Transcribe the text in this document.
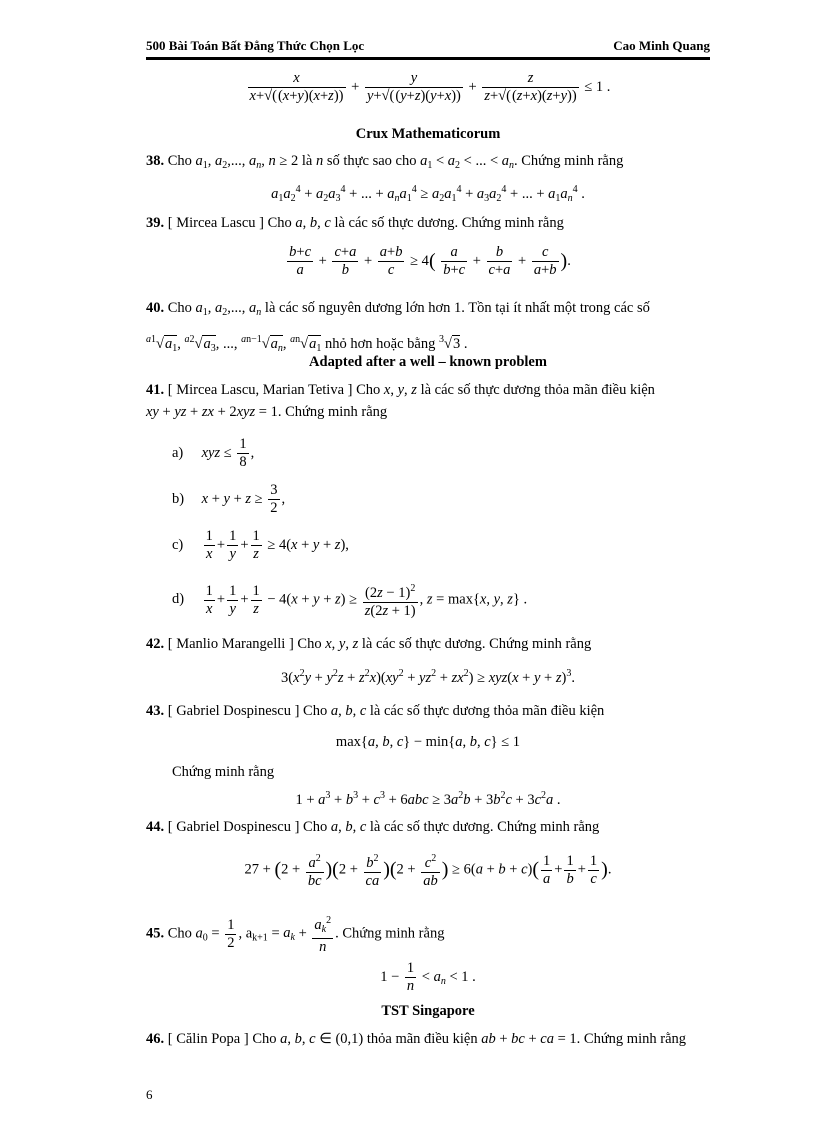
500 Bài Toán Bất Đẳng Thức Chọn Lọc	Cao Minh Quang
$\frac{x}{x+√((x+y)(x+z))} + \frac{y}{y+√((y+z)(y+x))} + \frac{z}{z+√((z+x)(z+y))} \le 1$ .
Crux Mathematicorum
38. Cho $a_1$, $a_2$,..., $a_n$, n ≥ 2 là n số thực sao cho $a_1 < a_2$ < ... < $a_n$. Chứng minh rằng
$a_1a_2^4 + a_2a_3^4$ + ... + $a_na_1^4 \ge a_2a_1^4 + a_3a_2^4$ + ... + $a_1a_n^4$ .
39. [ Mircea Lascu ] Cho a, b, c là các số thực dương. Chứng minh rằng
$\frac{b+c}{a} + \frac{c+a}{b} + \frac{a+b}{c} \ge 4( \frac{a}{b+c} + \frac{b}{c+a} + \frac{c}{a+b}$ ).
40. Cho $a_1$, $a_2$,..., $a_n$ là các số nguyên dương lớn hơn 1. Tồn tại ít nhất một trong các số
$^{a1}√a_1$, $^{a2}√a_3$, ..., $^{an-1}√a_n$, $^{an}√a_1$ nhỏ hơn hoặc bằng $^3$√3 .
Adapted after a well – known problem
41. [ Mircea Lascu, Marian Tetiva ] Cho x, y, z là các số thực dương thỏa mãn điều kiện
xy + yz + zx + 2xyz = 1. Chứng minh rằng
a) xyz ≤ $\frac{1}{8}$ ,
b) $x + y + z \ge \frac{3}{2}$ ,
$c) \frac{1}{x} + \frac{1}{y} + \frac{1}{z} \ge 4(x + y + z)$,
$d) \frac{1}{x} + \frac{1}{y} + \frac{1}{z} - 4(x + y + z) \ge \frac{(2z - 1)^2}{z(2z + 1)}$ , z = max{x, y, z} .
42. [ Manlio Marangelli ] Cho x, y, z là các số thực dương. Chứng minh rằng
$3(x^2y + y^2z + z^2x)(xy^2 + yz^2 + zx^2) \ge xyz(x + y + z)^3$.
43. [ Gabriel Dospinescu ] Cho a, b, c là các số thực dương thỏa mãn điều kiện
max{a, b, c} − min{a, b, c} ≤ 1
Chứng minh rằng
$1 + a^3 + b^3 + c^3 + 6abc \ge 3a^2b + 3b^2c + 3c^2a$ .
44. [ Gabriel Dospinescu ] Cho a, b, c là các số thực dương. Chứng minh rằng
$27 + (2 + \frac{a^2}{bc} )(2 + \frac{b^2}{ca} )(2 + \frac{c^2}{ab}$ ) ≥ $6(a + b + c)( \frac{1}{a} + \frac{1}{b} + \frac{1}{c}$ ).
45. Cho $a_0 = \frac{1}{2}$ , $a_{k+1} = a_k + \frac{a_k^2}{n}$ . Chứng minh rằng
$1 - \frac{1}{n} < a_n < 1$ .
TST Singapore
46. [ Călin Popa ] Cho a, b, c ∈ (0,1) thỏa mãn điều kiện ab + bc + ca = 1. Chứng minh rằng
6
